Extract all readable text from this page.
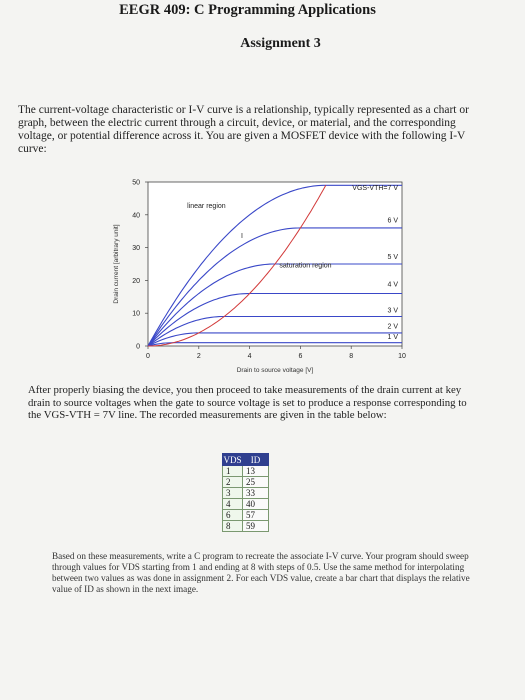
EEGR 409: C Programming Applications
Assignment 3

The current-voltage characteristic or I-V curve is a relationship, typically represented as a chart or graph, between the electric current through a circuit, device, or material, and the corresponding voltage, or potential difference across it. You are given a MOSFET device with the following I-V curve:

0	2	4	6	8	10
0
10
20
30
40
50
Drain to source voltage [V]
Drain current [arbitrary unit]
linear region
saturation region
I
VGS-VTH=7 V
6 V
5 V
4 V
3 V
2 V
1 V

After properly biasing the device, you then proceed to take measurements of the drain current at key drain to source voltages when the gate to source voltage is set to produce a response corresponding to the VGS-VTH = 7V line. The recorded measurements are given in the table below:

VDS	ID
1	13
2	25
3	33
4	40
6	57
8	59

Based on these measurements, write a C program to recreate the associate I-V curve. Your program should sweep through values for VDS starting from 1 and ending at 8 with steps of 0.5. Use the same method for interpolating between two values as was done in assignment 2. For each VDS value, create a bar chart that displays the relative value of ID as shown in the next image.
